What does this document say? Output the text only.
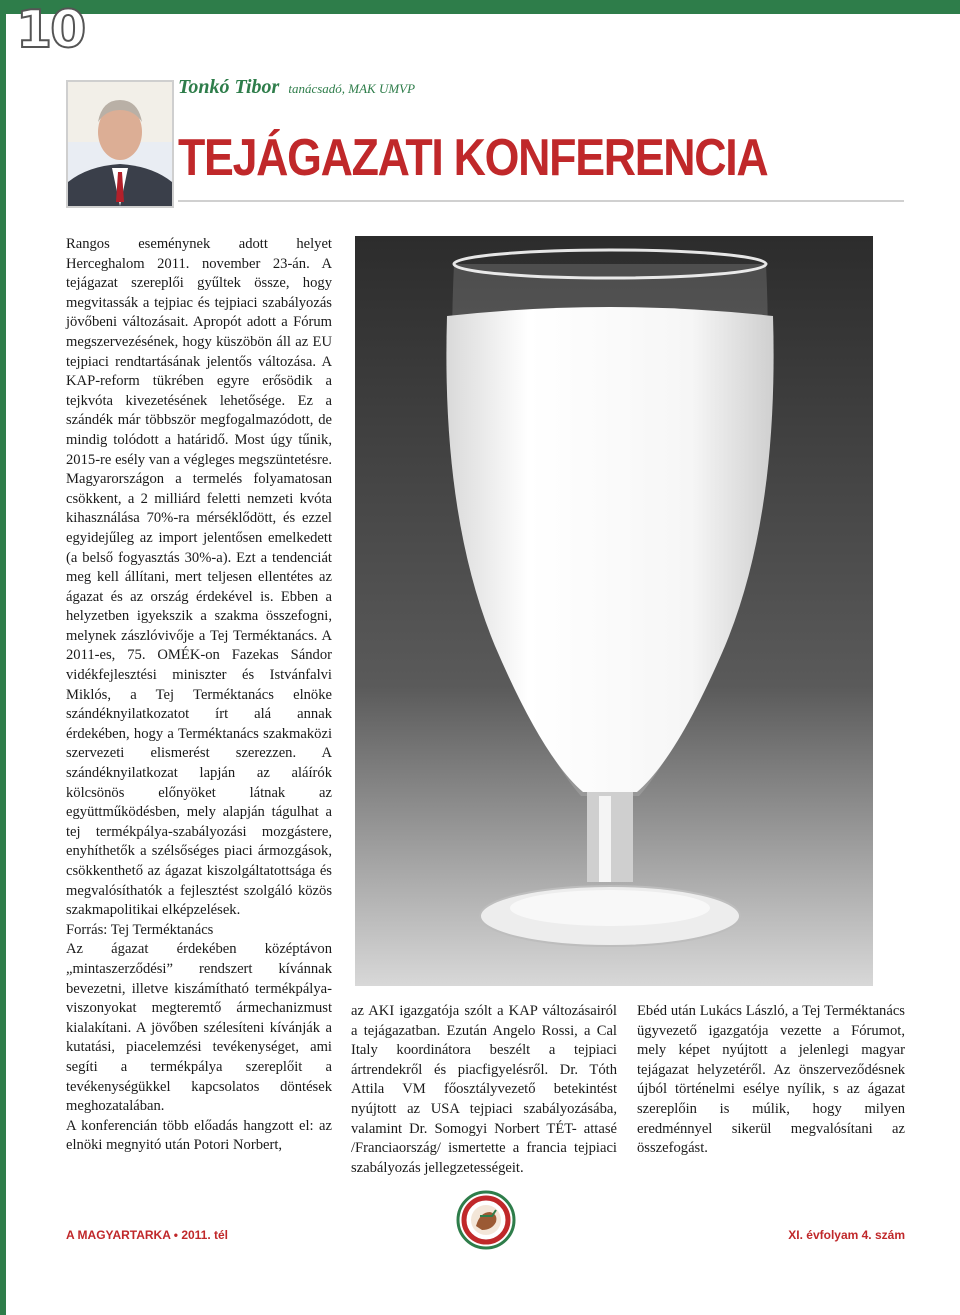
10
Tonkó Tibor tanácsadó, MAK UMVP
TEJÁGAZATI KONFERENCIA

Rangos eseménynek adott helyet Herceghalom 2011. november 23-án. A tejágazat szereplői gyűltek össze, hogy megvitassák a tejpiac és tejpiaci szabályozás jövőbeni változásait. Apropót adott a Fórum megszervezésének, hogy küszöbön áll az EU tejpiaci rendtartásának jelentős változása. A KAP-reform tükrében egyre erősödik a tejkvóta kivezetésének lehetősége. Ez a szándék már többször megfogalmazódott, de mindig tolódott a határidő. Most úgy tűnik, 2015-re esély van a végleges megszüntetésre. Magyarországon a termelés folyamatosan csökkent, a 2 milliárd feletti nemzeti kvóta kihasználása 70%-ra mérséklődött, és ezzel egyidejűleg az import jelentősen emelkedett (a belső fogyasztás 30%-a). Ezt a tendenciát meg kell állítani, mert teljesen ellentétes az ágazat és az ország érdekével is. Ebben a helyzetben igyekszik a szakma összefogni, melynek zászlóvivője a Tej Terméktanács. A 2011-es, 75. OMÉK-on Fazekas Sándor vidékfejlesztési miniszter és Istvánfalvi Miklós, a Tej Terméktanács elnöke szándéknyilatkozatot írt alá annak érdekében, hogy a Terméktanács szakmaközi szervezeti elismerést szerezzen. A szándéknyilatkozat lapján az aláírók kölcsönös előnyöket látnak az együttműködésben, mely alapján tágulhat a tej termékpálya-szabályozási mozgástere, enyhíthetők a szélsőséges piaci ármozgások, csökkenthető az ágazat kiszolgáltatottsága és megvalósíthatók a fejlesztést szolgáló közös szakmapolitikai elképzelések.

Forrás: Tej Terméktanács

Az ágazat érdekében középtávon „mintaszerződési” rendszert kívánnak bevezetni, illetve kiszámítható termékpálya-viszonyokat megteremtő ármechanizmust kialakítani. A jövőben szélesíteni kívánják a kutatási, piacelemzési tevékenységet, ami segíti a termékpálya szereplőit a tevékenységükkel kapcsolatos döntések meghozatalában.

A konferencián több előadás hangzott el: az elnöki megnyitó után Potori Norbert,

az AKI igazgatója szólt a KAP változásairól a tejágazatban. Ezután Angelo Rossi, a Cal Italy koordinátora beszélt a tejpiaci ártrendekről és piacfigyelésről. Dr. Tóth Attila VM főosztályvezető betekintést nyújtott az USA tejpiaci szabályozásába, valamint Dr. Somogyi Norbert TÉT- attasé /Franciaország/ ismertette a francia tejpiaci szabályozás jellegzetességeit.

Ebéd után Lukács László, a Tej Terméktanács ügyvezető igazgatója vezette a Fórumot, mely képet nyújtott a jelenlegi magyar tejágazat helyzetéről. Az önszerveződésnek újból történelmi esélye nyílik, s az ágazat szereplőin is múlik, hogy milyen eredménnyel sikerül megvalósítani az összefogást.

A MAGYARTARKA • 2011. tél	XI. évfolyam 4. szám
